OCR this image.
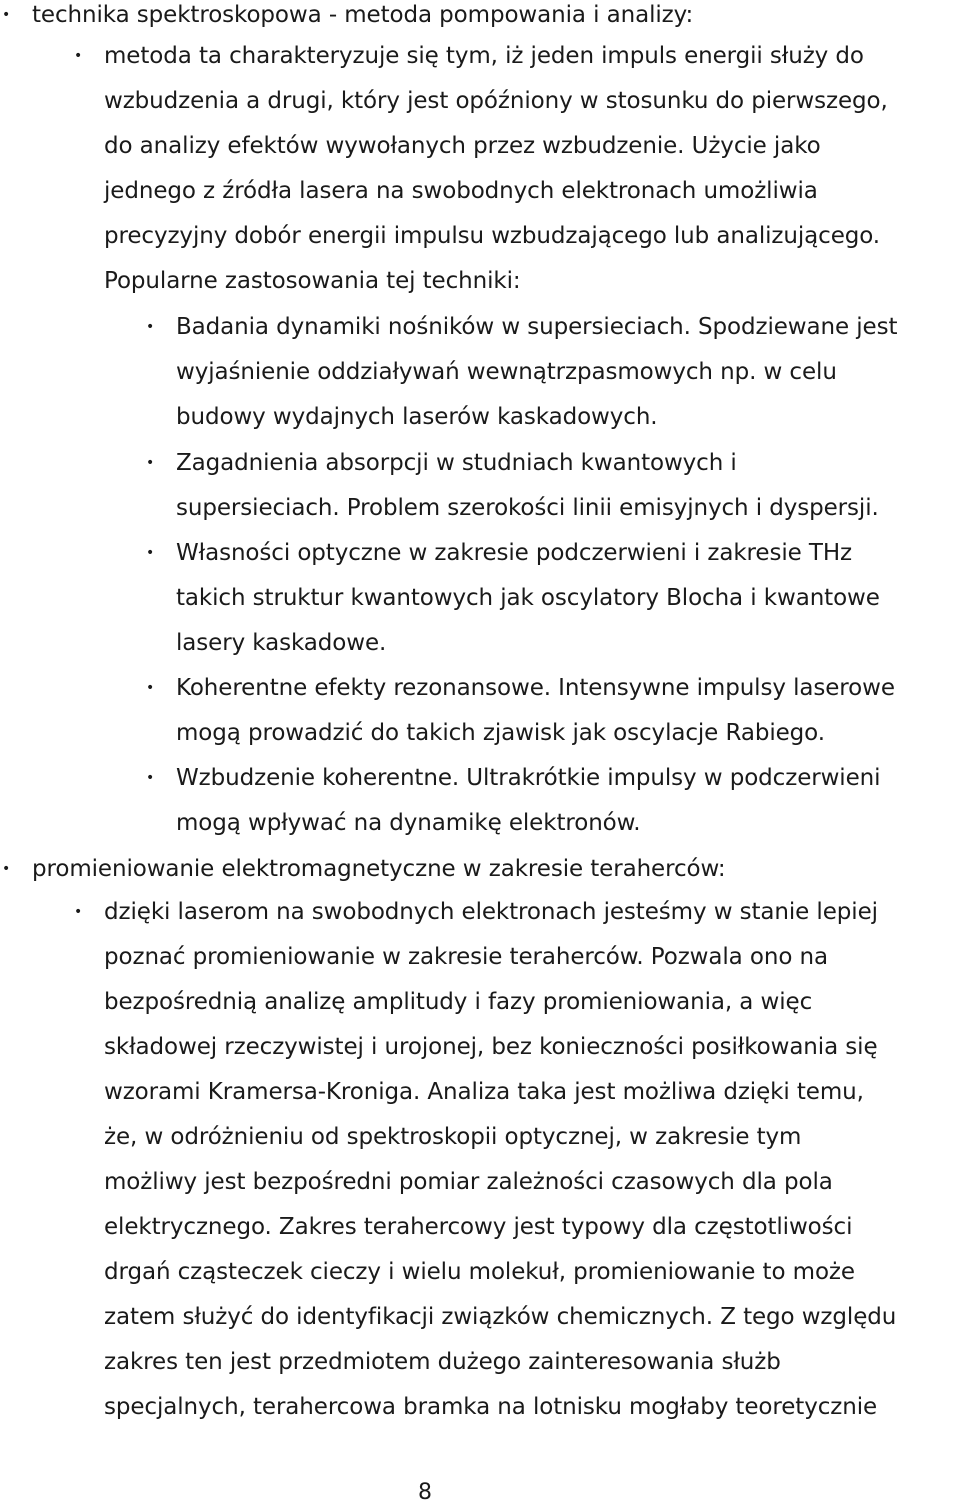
• technika spektroskopowa - metoda pompowania i analizy:
• metoda ta charakteryzuje się tym, iż jeden impuls energii służy do
wzbudzenia a drugi, który jest opóźniony w stosunku do pierwszego,
do analizy efektów wywołanych przez wzbudzenie. Użycie jako
jednego z źródła lasera na swobodnych elektronach umożliwia
precyzyjny dobór energii impulsu wzbudzającego lub analizującego.
Popularne zastosowania tej techniki:
• Badania dynamiki nośników w supersieciach. Spodziewane jest
wyjaśnienie oddziaływań wewnątrzpasmowych np. w celu
budowy wydajnych laserów kaskadowych.
• Zagadnienia absorpcji w studniach kwantowych i
supersieciach. Problem szerokości linii emisyjnych i dyspersji.
• Własności optyczne w zakresie podczerwieni i zakresie THz
takich struktur kwantowych jak oscylatory Blocha i kwantowe
lasery kaskadowe.
• Koherentne efekty rezonansowe. Intensywne impulsy laserowe
mogą prowadzić do takich zjawisk jak oscylacje Rabiego.
• Wzbudzenie koherentne. Ultrakrótkie impulsy w podczerwieni
mogą wpływać na dynamikę elektronów.
• promieniowanie elektromagnetyczne w zakresie teraherców:
• dzięki laserom na swobodnych elektronach jesteśmy w stanie lepiej
poznać promieniowanie w zakresie teraherców. Pozwala ono na
bezpośrednią analizę amplitudy i fazy promieniowania, a więc
składowej rzeczywistej i urojonej, bez konieczności posiłkowania się
wzorami Kramersa-Kroniga. Analiza taka jest możliwa dzięki temu,
że, w odróżnieniu od spektroskopii optycznej, w zakresie tym
możliwy jest bezpośredni pomiar zależności czasowych dla pola
elektrycznego. Zakres terahercowy jest typowy dla częstotliwości
drgań cząsteczek cieczy i wielu molekuł, promieniowanie to może
zatem służyć do identyfikacji związków chemicznych. Z tego względu
zakres ten jest przedmiotem dużego zainteresowania służb
specjalnych, terahercowa bramka na lotnisku mogłaby teoretycznie
8
